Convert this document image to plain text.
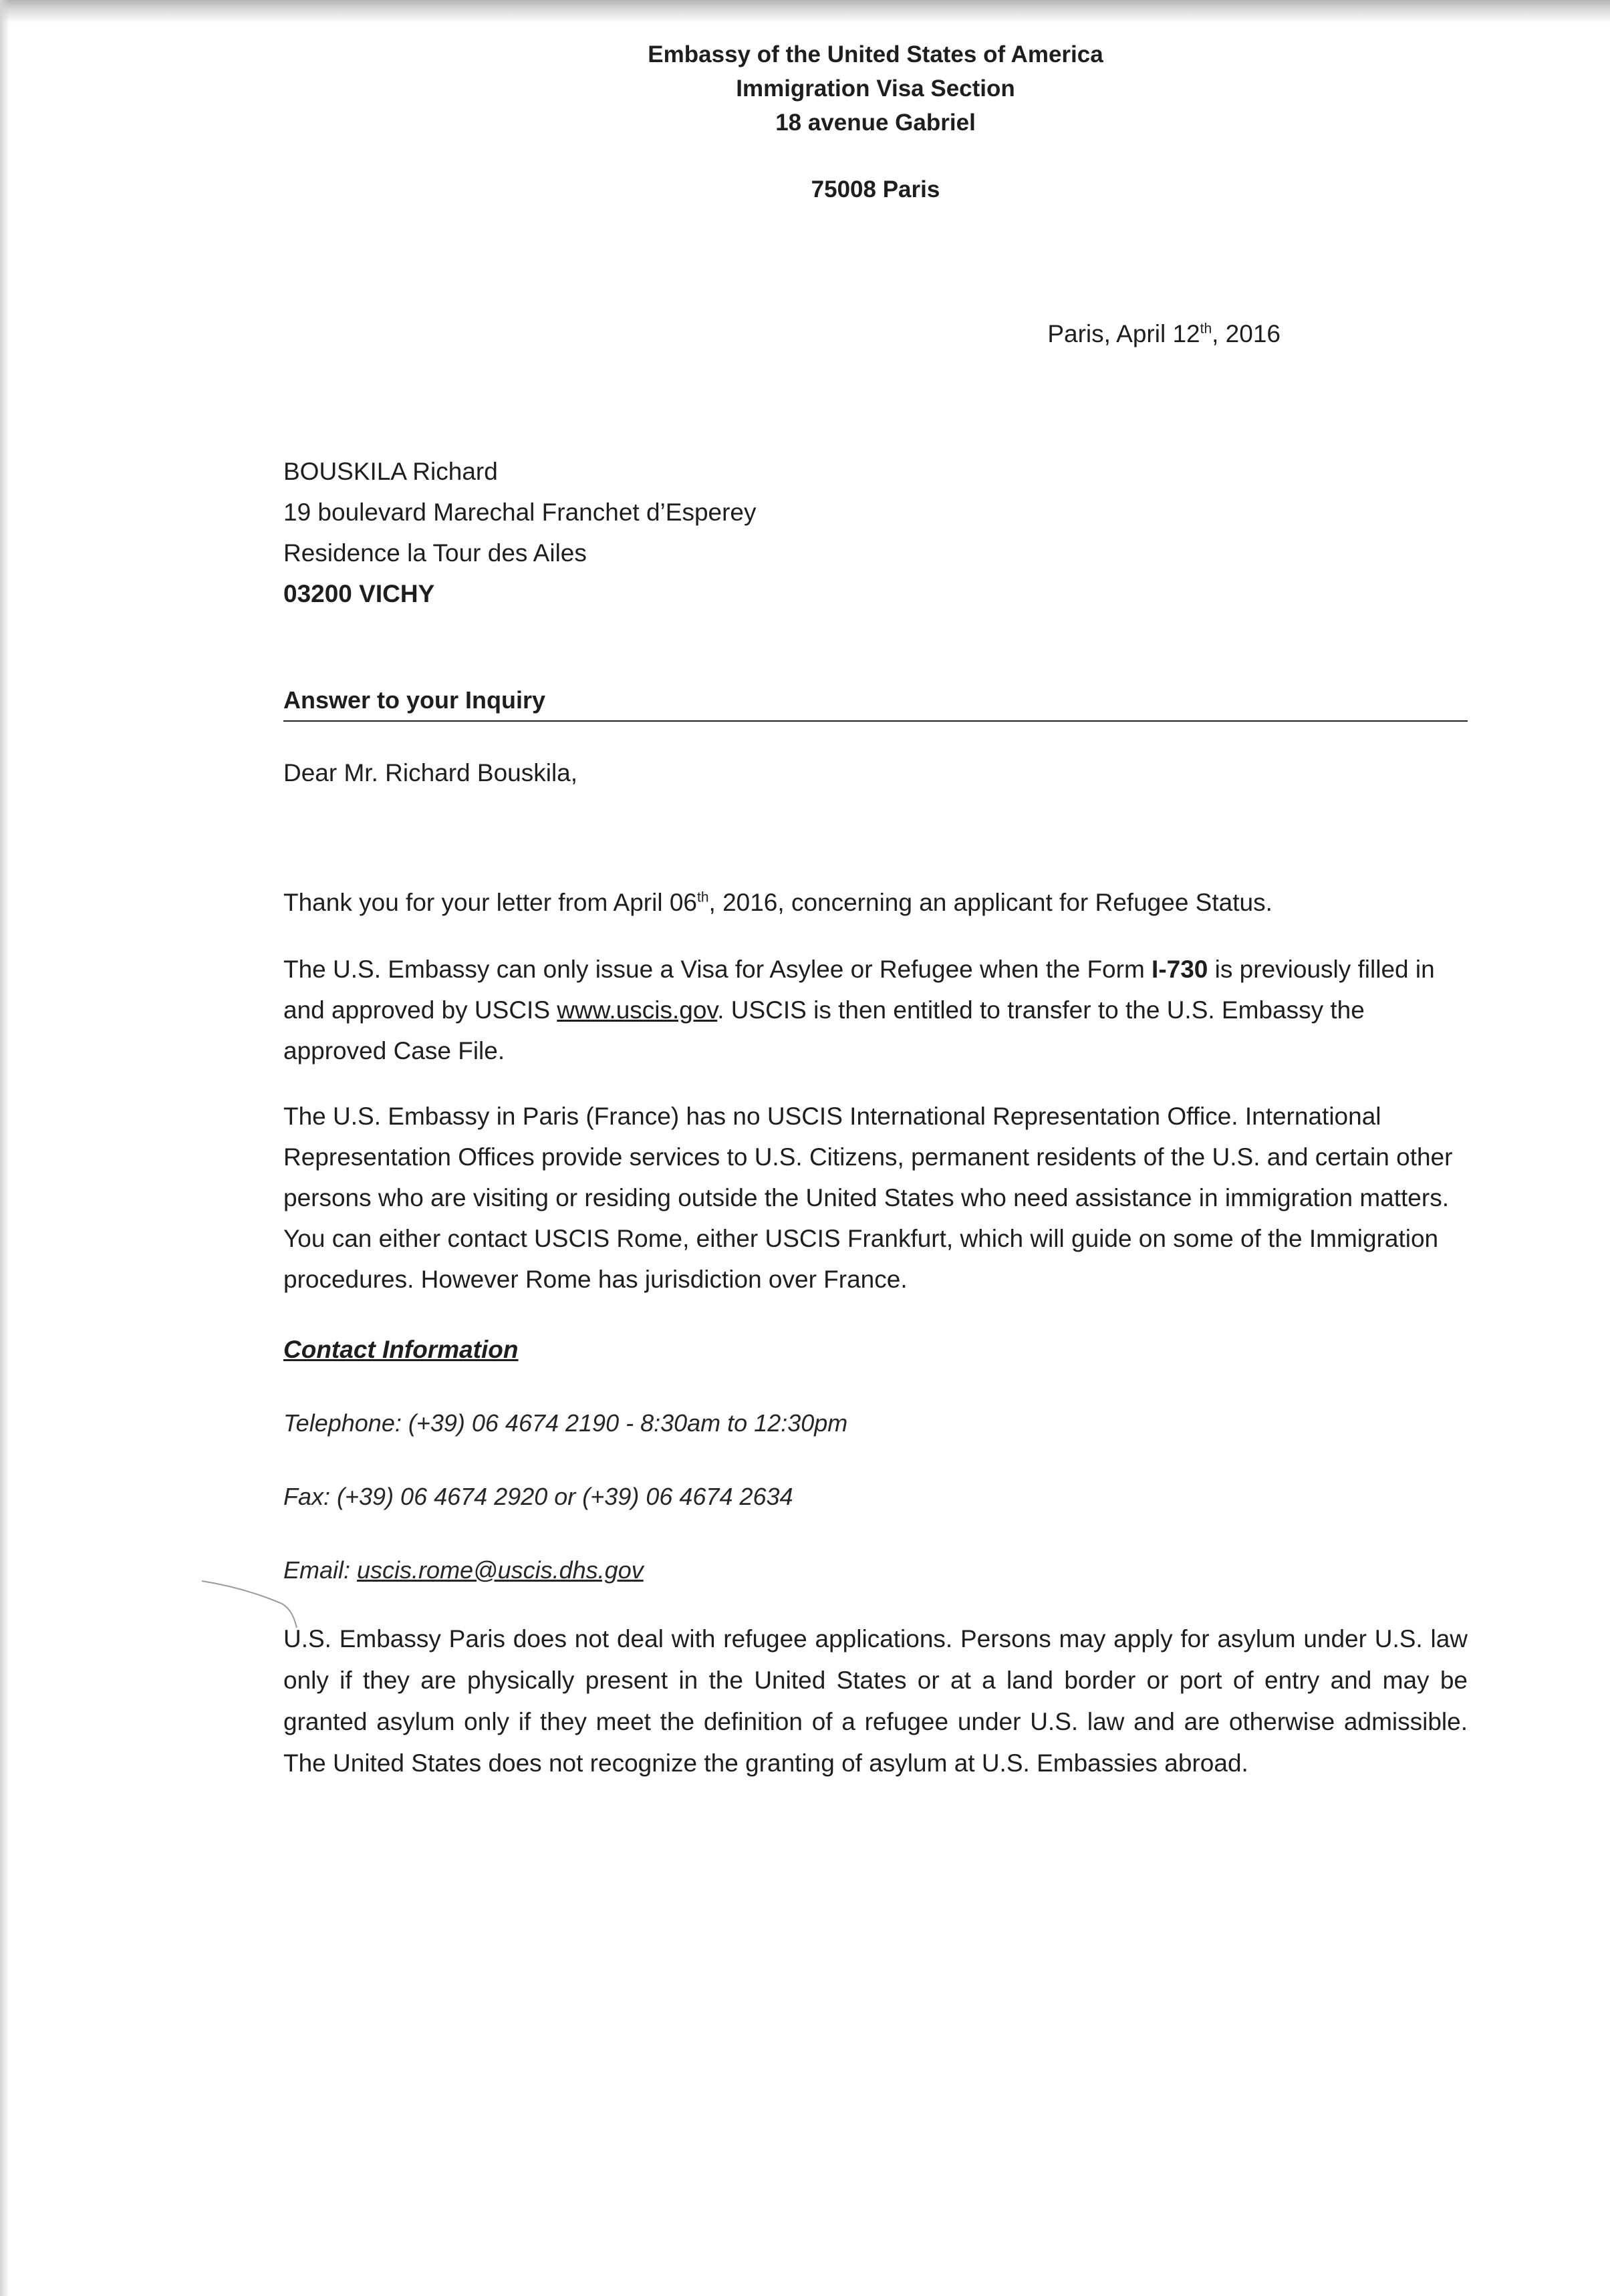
Embassy of the United States of America
Immigration Visa Section
18 avenue Gabriel
75008 Paris
Paris, April 12th, 2016
BOUSKILA Richard
19 boulevard Marechal Franchet d’Esperey
Residence la Tour des Ailes
03200 VICHY
Answer to your Inquiry
Dear Mr. Richard Bouskila,
Thank you for your letter from April 06th, 2016, concerning an applicant for Refugee Status.
The U.S. Embassy can only issue a Visa for Asylee or Refugee when the Form I-730 is previously filled in and approved by USCIS www.uscis.gov. USCIS is then entitled to transfer to the U.S. Embassy the approved Case File.
The U.S. Embassy in Paris (France) has no USCIS International Representation Office. International Representation Offices provide services to U.S. Citizens, permanent residents of the U.S. and certain other persons who are visiting or residing outside the United States who need assistance in immigration matters. You can either contact USCIS Rome, either USCIS Frankfurt, which will guide on some of the Immigration procedures. However Rome has jurisdiction over France.
Contact Information
Telephone: (+39) 06 4674 2190 - 8:30am to 12:30pm
Fax: (+39) 06 4674 2920 or (+39) 06 4674 2634
Email: uscis.rome@uscis.dhs.gov
U.S. Embassy Paris does not deal with refugee applications. Persons may apply for asylum under U.S. law only if they are physically present in the United States or at a land border or port of entry and may be granted asylum only if they meet the definition of a refugee under U.S. law and are otherwise admissible. The United States does not recognize the granting of asylum at U.S. Embassies abroad.
